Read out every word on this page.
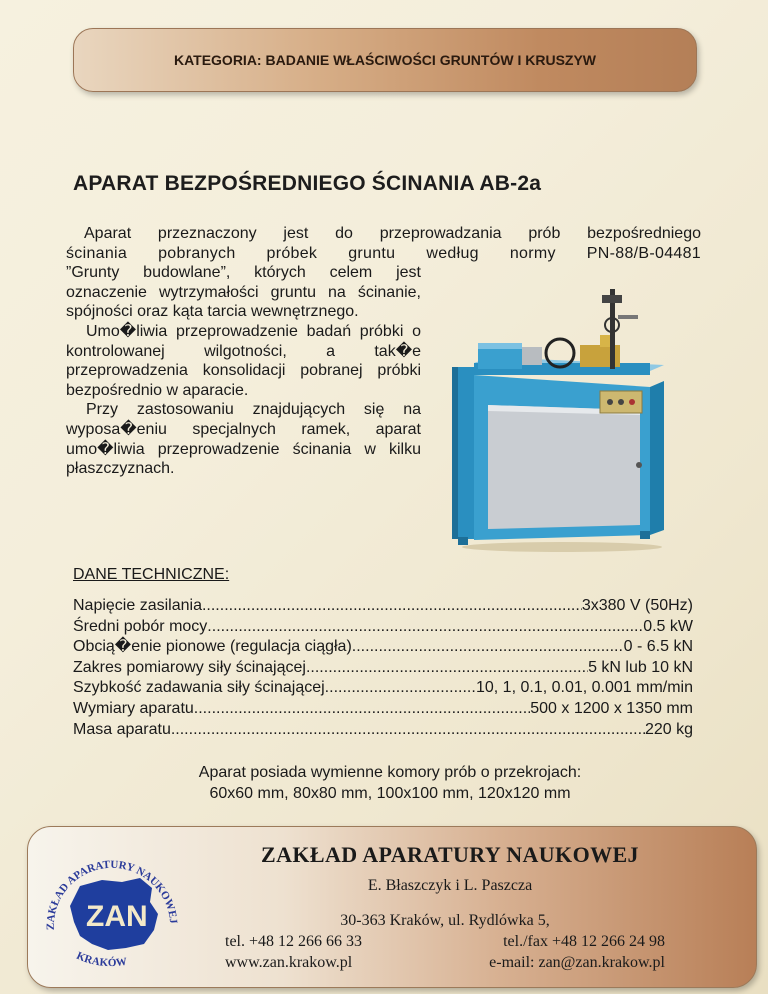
KATEGORIA: BADANIE WŁAŚCIWOŚCI GRUNTÓW I KRUSZYW
APARAT BEZPOŚREDNIEGO ŚCINANIA AB-2a

Aparat przeznaczony jest do przeprowadzania prób bezpośredniego

ścinania pobranych próbek gruntu według normy PN-88/B-04481

”Grunty budowlane”, których celem jest oznaczenie wytrzymałości gruntu na ścinanie, spójności oraz kąta tarcia wewnętrznego.

Umo�liwia przeprowadzenie badań próbki o kontrolowanej wilgotności, a tak�e przeprowadzenia konsolidacji pobranej próbki bezpośrednio w aparacie.

Przy zastosowaniu znajdujących się na wyposa�eniu specjalnych ramek, aparat umo�liwia przeprowadzenie ścinania w kilku płaszczyznach.

DANE TECHNICZNE:
Napięcie zasilania .....	3x380 V (50Hz)
Średni pobór mocy .....	0.5 kW
Obcią�enie pionowe (regulacja ciągła) .....	0 - 6.5 kN
Zakres pomiarowy siły ścinającej .....	5 kN lub 10 kN
Szybkość zadawania siły ścinającej .....	10, 1, 0.1, 0.01, 0.001 mm/min
Wymiary aparatu .....	500 x 1200 x 1350 mm
Masa aparatu .....	220 kg
Aparat posiada wymienne komory prób o przekrojach:
60x60 mm, 80x80 mm, 100x100 mm, 120x120 mm
ZAN
ZAKŁAD APARATURY NAUKOWEJ
KRAKÓW
ZAKŁAD APARATURY NAUKOWEJ
E. Błaszczyk i L. Paszcza
30-363 Kraków, ul. Rydlówka 5,
tel. +48 12 266 66 33	tel./fax +48 12 266 24 98
www.zan.krakow.pl	e-mail: zan@zan.krakow.pl
